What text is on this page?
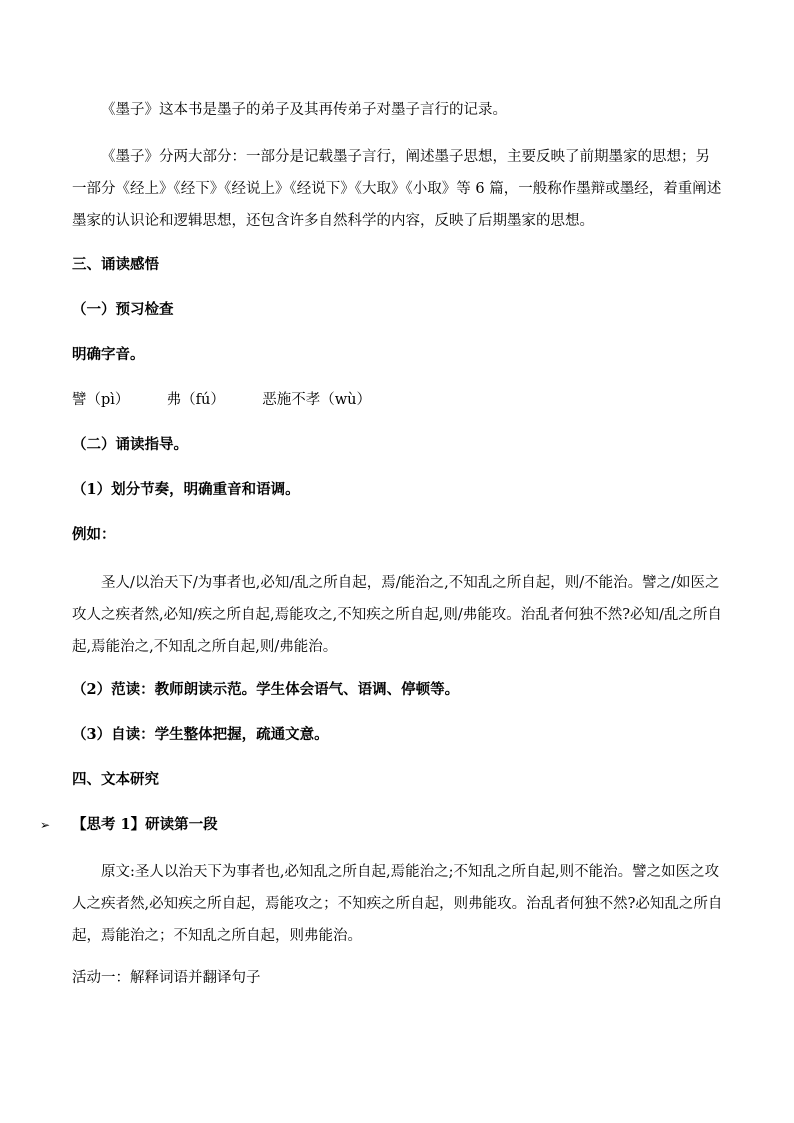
《墨子》这本书是墨子的弟子及其再传弟子对墨子言行的记录。
《墨子》分两大部分：一部分是记载墨子言行，阐述墨子思想，主要反映了前期墨家的思想；另一部分《经上》《经下》《经说上》《经说下》《大取》《小取》等 6 篇，一般称作墨辩或墨经，着重阐述墨家的认识论和逻辑思想，还包含许多自然科学的内容，反映了后期墨家的思想。
三、诵读感悟
（一）预习检查
明确字音。
譬（pì）	弗（fú）	恶施不孝（wù）
（二）诵读指导。
（1）划分节奏，明确重音和语调。
例如：
圣人/以治天下/为事者也,必知/乱之所自起，焉/能治之,不知乱之所自起，则/不能治。譬之/如医之攻人之疾者然,必知/疾之所自起,焉能攻之,不知疾之所自起,则/弗能攻。治乱者何独不然?必知/乱之所自起,焉能治之,不知乱之所自起,则/弗能治。
（2）范读：教师朗读示范。学生体会语气、语调、停顿等。
（3）自读：学生整体把握，疏通文意。
四、文本研究
➢ 【思考 1】研读第一段
原文:圣人以治天下为事者也,必知乱之所自起,焉能治之;不知乱之所自起,则不能治。譬之如医之攻人之疾者然,必知疾之所自起，焉能攻之；不知疾之所自起，则弗能攻。治乱者何独不然?必知乱之所自起，焉能治之；不知乱之所自起，则弗能治。
活动一：解释词语并翻译句子
